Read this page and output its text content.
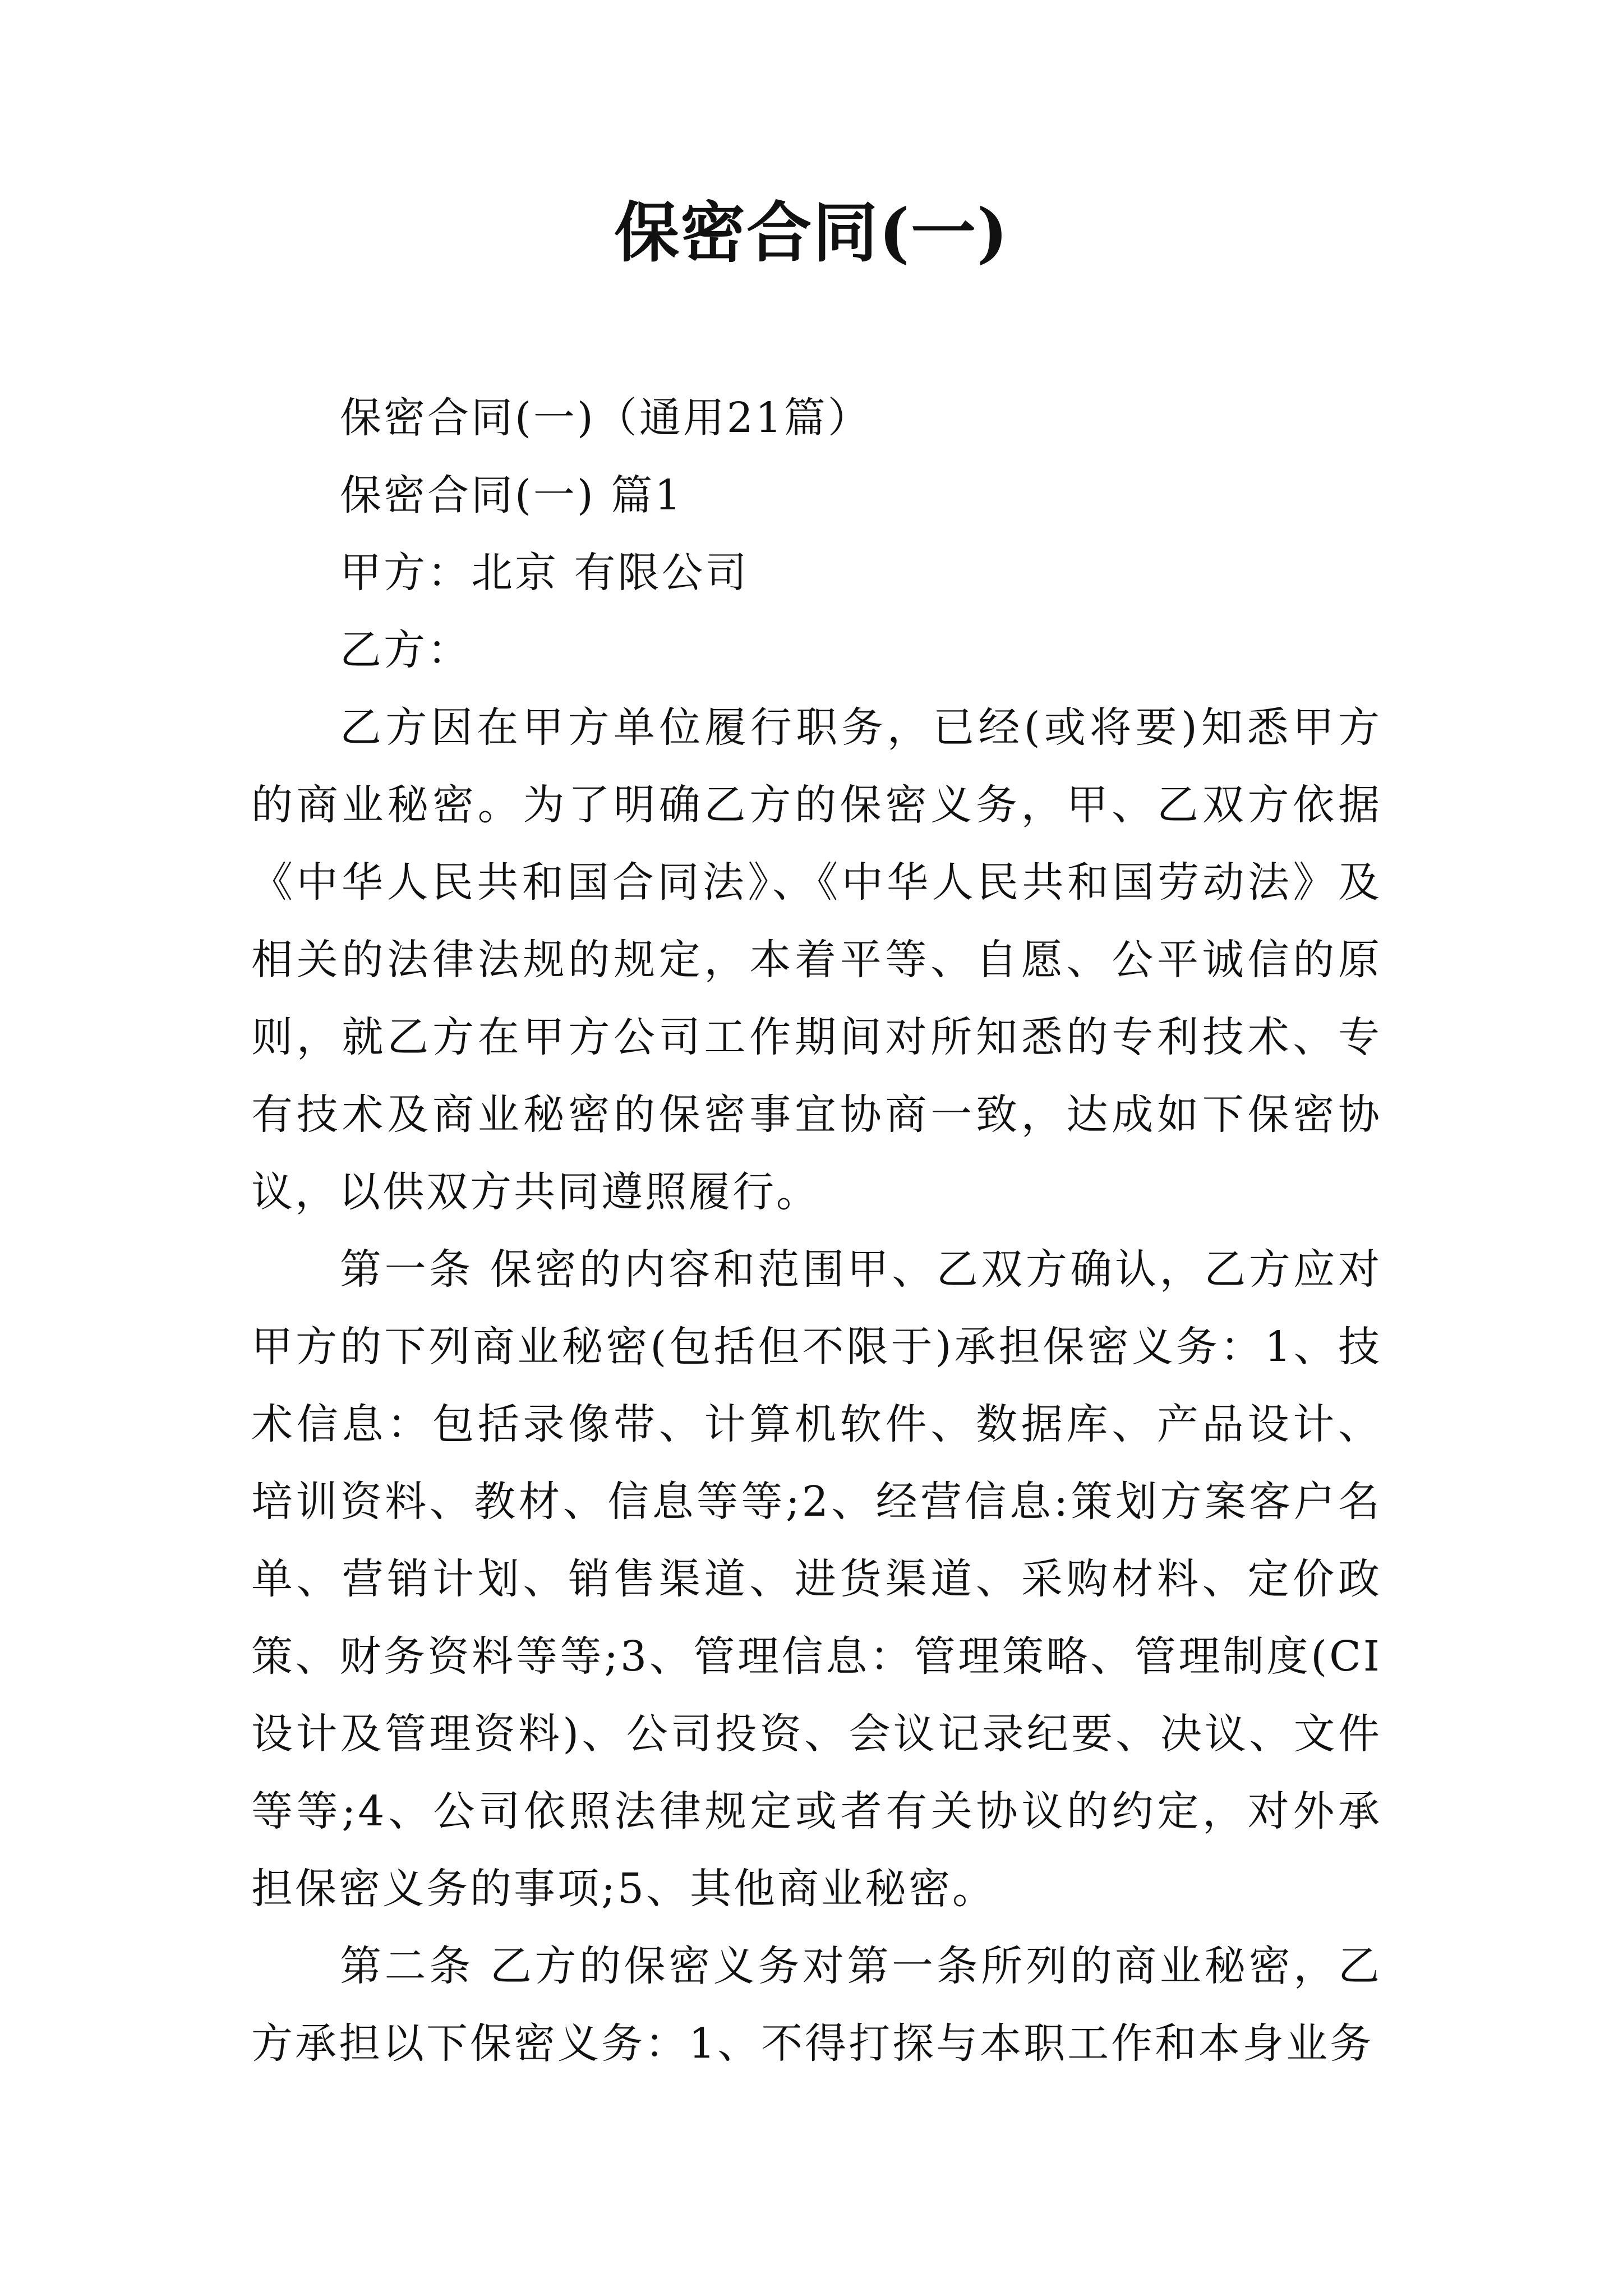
保密合同(一)

保密合同(一)（通用21篇）

保密合同(一) 篇1

甲方：北京 有限公司

乙方：

乙方因在甲方单位履行职务，已经(或将要)知悉甲方的商业秘密。为了明确乙方的保密义务，甲、乙双方依据《中华人民共和国合同法》、《中华人民共和国劳动法》及相关的法律法规的规定，本着平等、自愿、公平诚信的原则，就乙方在甲方公司工作期间对所知悉的专利技术、专有技术及商业秘密的保密事宜协商一致，达成如下保密协议，以供双方共同遵照履行。

第一条 保密的内容和范围甲、乙双方确认，乙方应对甲方的下列商业秘密(包括但不限于)承担保密义务：1、技术信息：包括录像带、计算机软件、数据库、产品设计、培训资料、教材、信息等等;2、经营信息:策划方案客户名单、营销计划、销售渠道、进货渠道、采购材料、定价政策、财务资料等等;3、管理信息：管理策略、管理制度(CI设计及管理资料)、公司投资、会议记录纪要、决议、文件等等;4、公司依照法律规定或者有关协议的约定，对外承担保密义务的事项;5、其他商业秘密。

第二条 乙方的保密义务对第一条所列的商业秘密，乙方承担以下保密义务：1、不得打探与本职工作和本身业务
